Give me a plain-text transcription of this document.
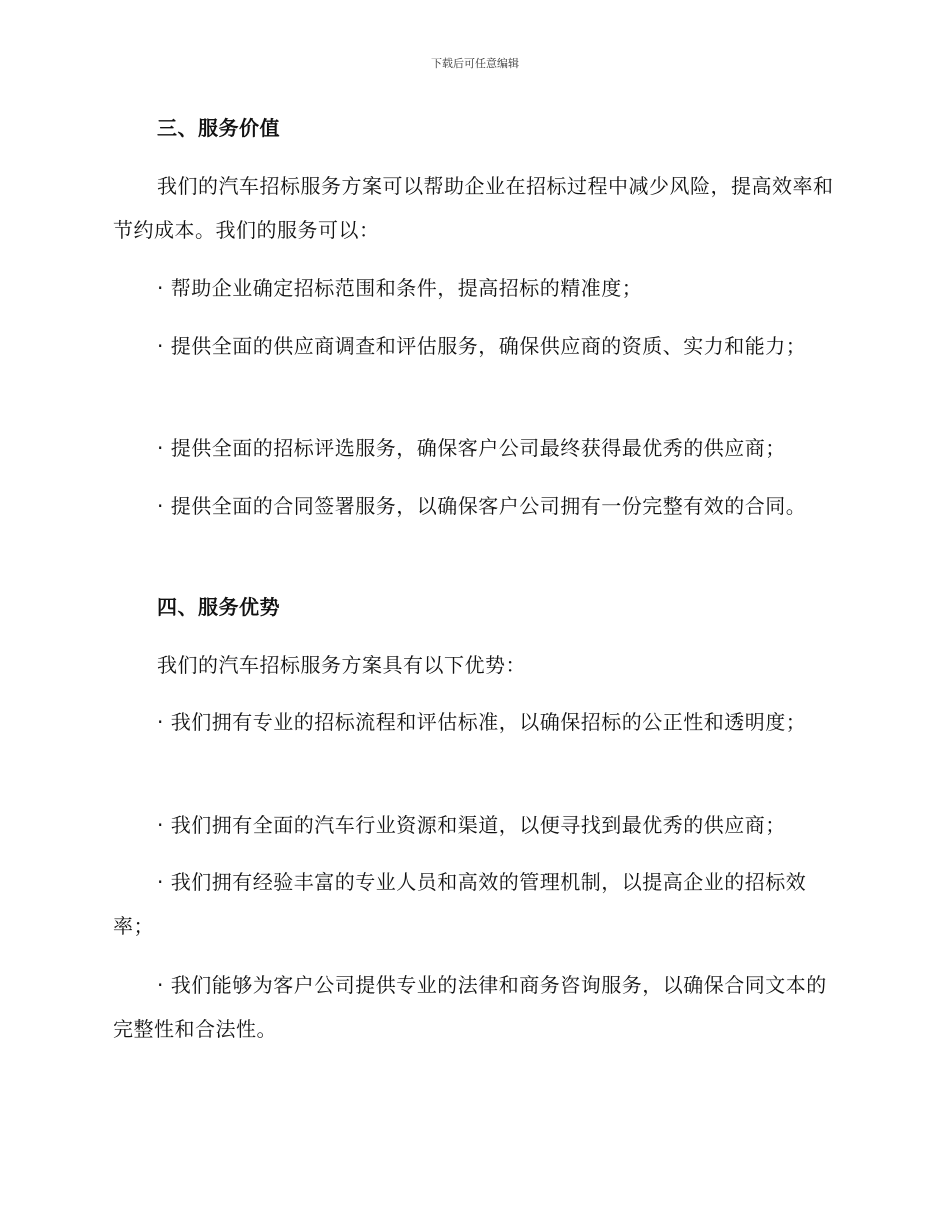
下载后可任意编辑

三、服务价值

我们的汽车招标服务方案可以帮助企业在招标过程中减少风险，提高效率和节约成本。我们的服务可以：

· 帮助企业确定招标范围和条件，提高招标的精准度；

· 提供全面的供应商调查和评估服务，确保供应商的资质、实力和能力；

· 提供全面的招标评选服务，确保客户公司最终获得最优秀的供应商；

· 提供全面的合同签署服务，以确保客户公司拥有一份完整有效的合同。

四、服务优势

我们的汽车招标服务方案具有以下优势：

· 我们拥有专业的招标流程和评估标准，以确保招标的公正性和透明度；

· 我们拥有全面的汽车行业资源和渠道，以便寻找到最优秀的供应商；

· 我们拥有经验丰富的专业人员和高效的管理机制，以提高企业的招标效率；

· 我们能够为客户公司提供专业的法律和商务咨询服务，以确保合同文本的完整性和合法性。
